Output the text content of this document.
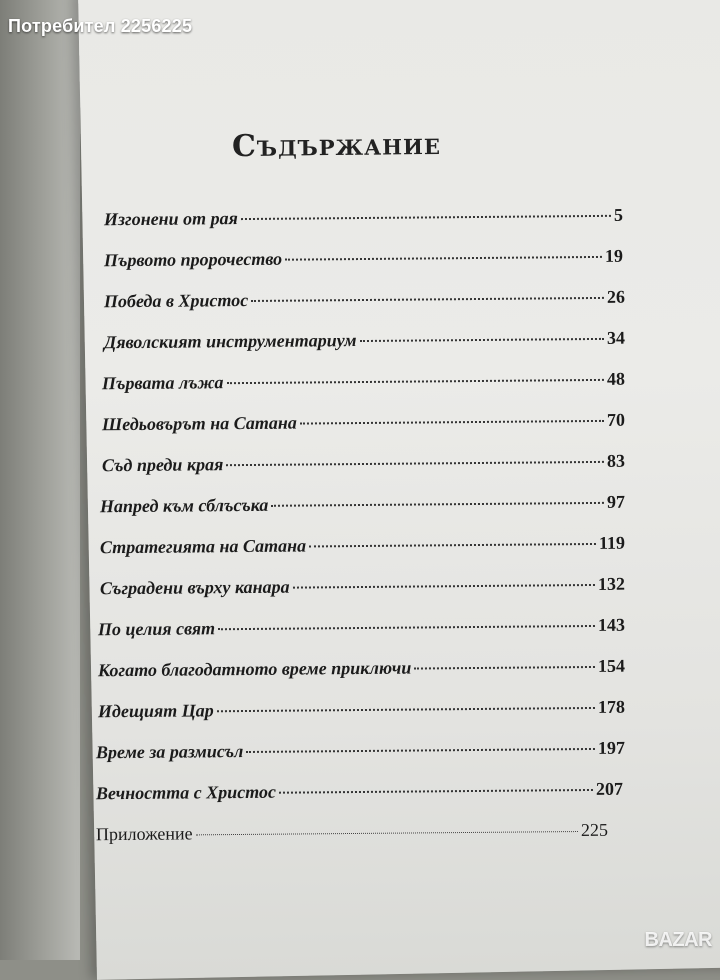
Потребител 2256225
Съдържание
Изгонени от рая	5
Първото пророчество	19
Победа в Христос	26
Дяволският инструментариум	34
Първата лъжа	48
Шедьовърът на Сатана	70
Съд преди края	83
Напред към сблъсъка	97
Стратегията на Сатана	119
Съградени върху канара	132
По целия свят	143
Когато благодатното време приключи	154
Идещият Цар	178
Време за размисъл	197
Вечността с Христос	207
Приложение	225
BAZAR
